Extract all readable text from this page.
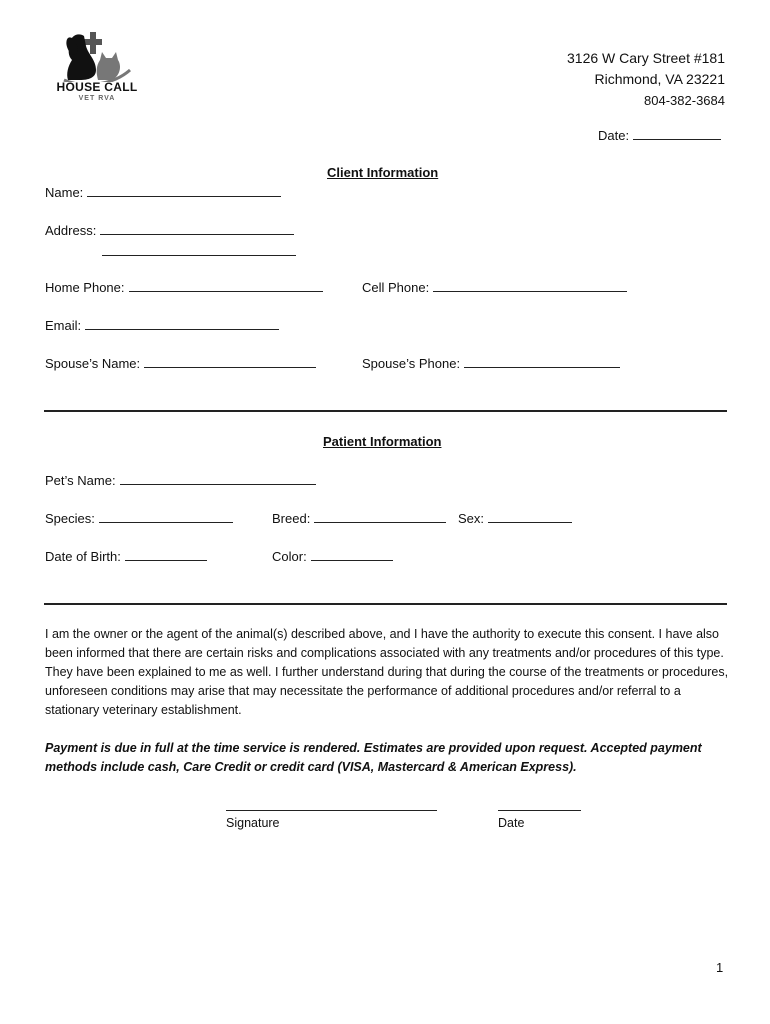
HOUSE CALL
VET RVA
3126 W Cary Street #181
Richmond, VA 23221
804-382-3684
Date:
Client Information
Name:
Address:
Home Phone:	Cell Phone:
Email:
Spouse’s Name:	Spouse’s Phone:
Patient Information
Pet’s Name:
Species:	Breed:	Sex:
Date of Birth:	Color:
I am the owner or the agent of the animal(s) described above, and I have the authority to execute this consent. I have also been informed that there are certain risks and complications associated with any treatments and/or procedures of this type. They have been explained to me as well. I further understand during that during the course of the treatments or procedures, unforeseen conditions may arise that may necessitate the performance of additional procedures and/or referral to a stationary veterinary establishment.
Payment is due in full at the time service is rendered. Estimates are provided upon request. Accepted payment methods include cash, Care Credit or credit card (VISA, Mastercard & American Express).
Signature	Date
1
